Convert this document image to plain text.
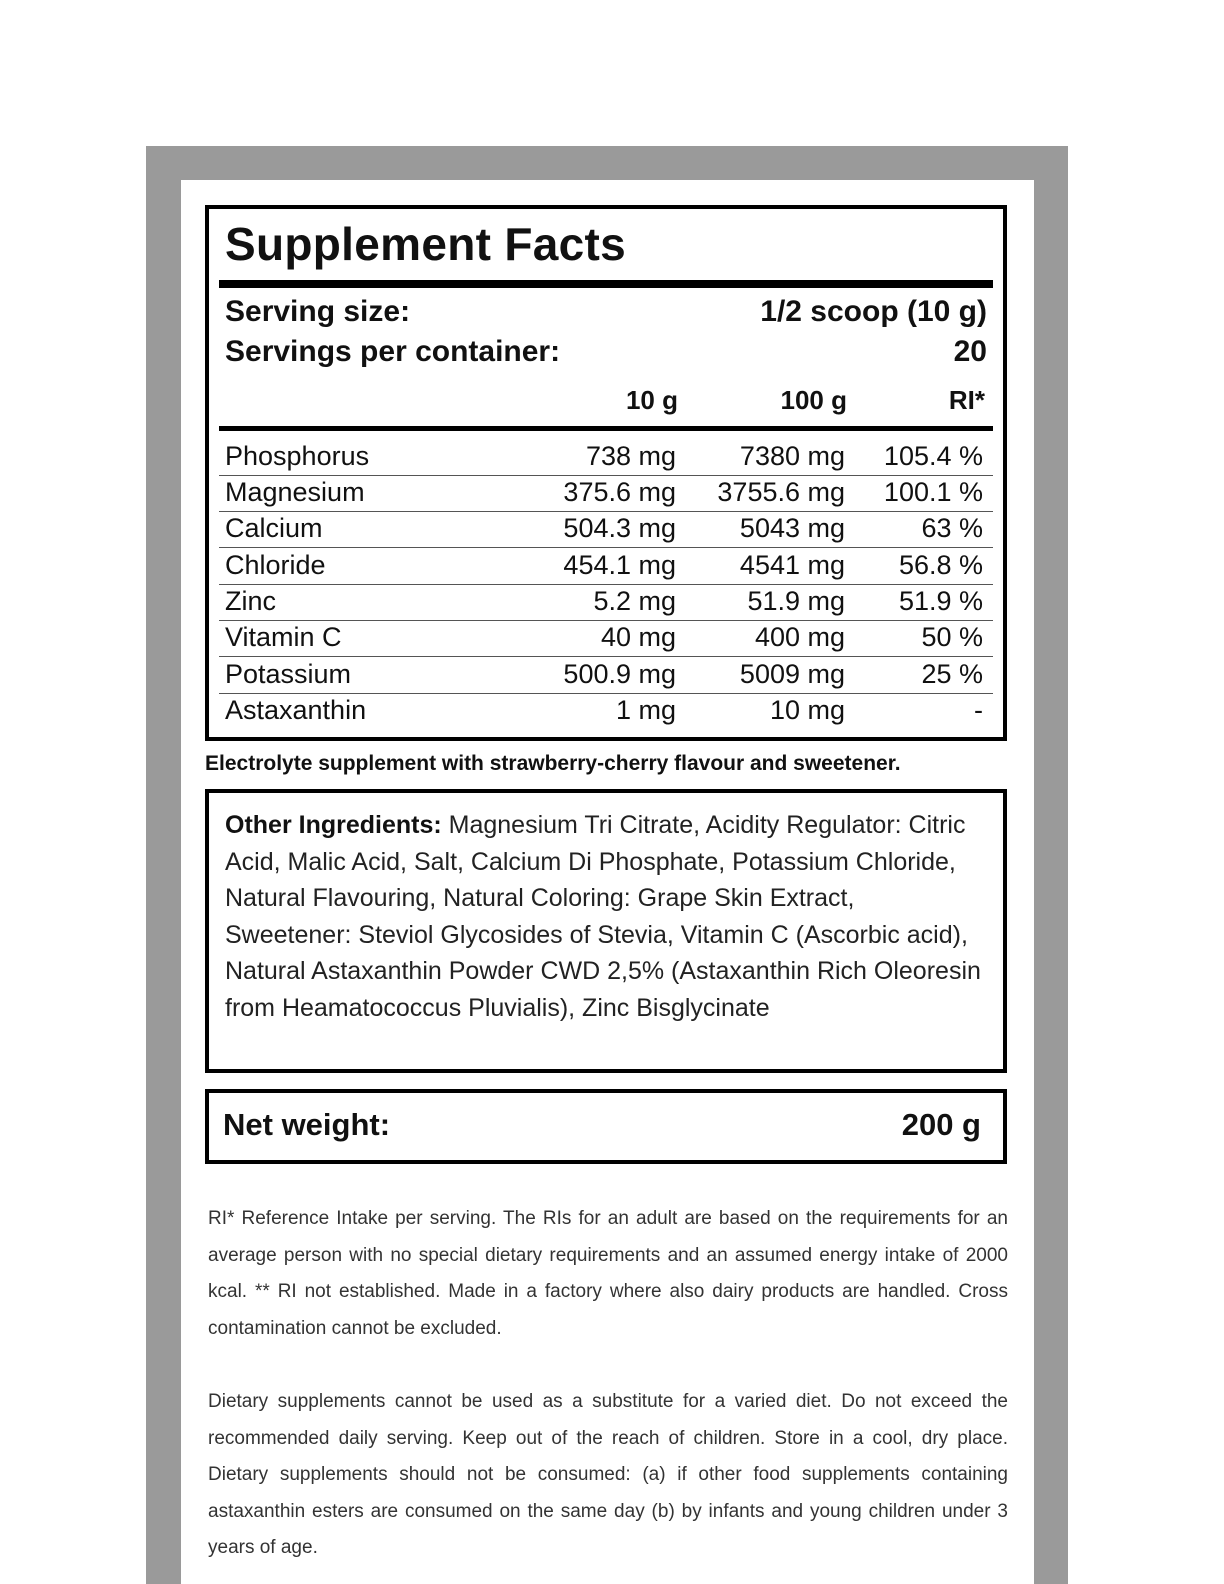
Supplement Facts
Serving size:	1/2 scoop (10 g)
Servings per container:	20
10 g	100 g	RI*
Phosphorus	738 mg 7380 mg 105.4 %
Magnesium	375.6 mg 3755.6 mg 100.1 %
Calcium	504.3 mg 5043 mg	63 %
Chloride	454.1 mg 4541 mg 56.8 %
Zinc	5.2 mg	51.9 mg 51.9 %
Vitamin C	40 mg	400 mg	50 %
Potassium	500.9 mg 5009 mg	25 %
Astaxanthin	1 mg	10 mg	-
Electrolyte supplement with strawberry-cherry flavour and sweetener.

Other Ingredients: Magnesium Tri Citrate, Acidity Regulator: Citric Acid, Malic Acid, Salt, Calcium Di Phosphate, Potassium Chloride, Natural Flavouring, Natural Coloring: Grape Skin Extract, Sweetener: Steviol Glycosides of Stevia, Vitamin C (Ascorbic acid), Natural Astaxanthin Powder CWD 2,5% (Astaxanthin Rich Oleoresin from Heamatococcus Pluvialis), Zinc Bisglycinate

Net weight:	200 g

RI* Reference Intake per serving. The RIs for an adult are based on the requirements for an average person with no special dietary requirements and an assumed energy intake of 2000 kcal. ** RI not established. Made in a factory where also dairy products are handled. Cross contamination cannot be excluded.

Dietary supplements cannot be used as a substitute for a varied diet. Do not exceed the recommended daily serving. Keep out of the reach of children. Store in a cool, dry place. Dietary supplements should not be consumed: (a) if other food supplements containing astaxanthin esters are consumed on the same day (b) by infants and young children under 3 years of age.
